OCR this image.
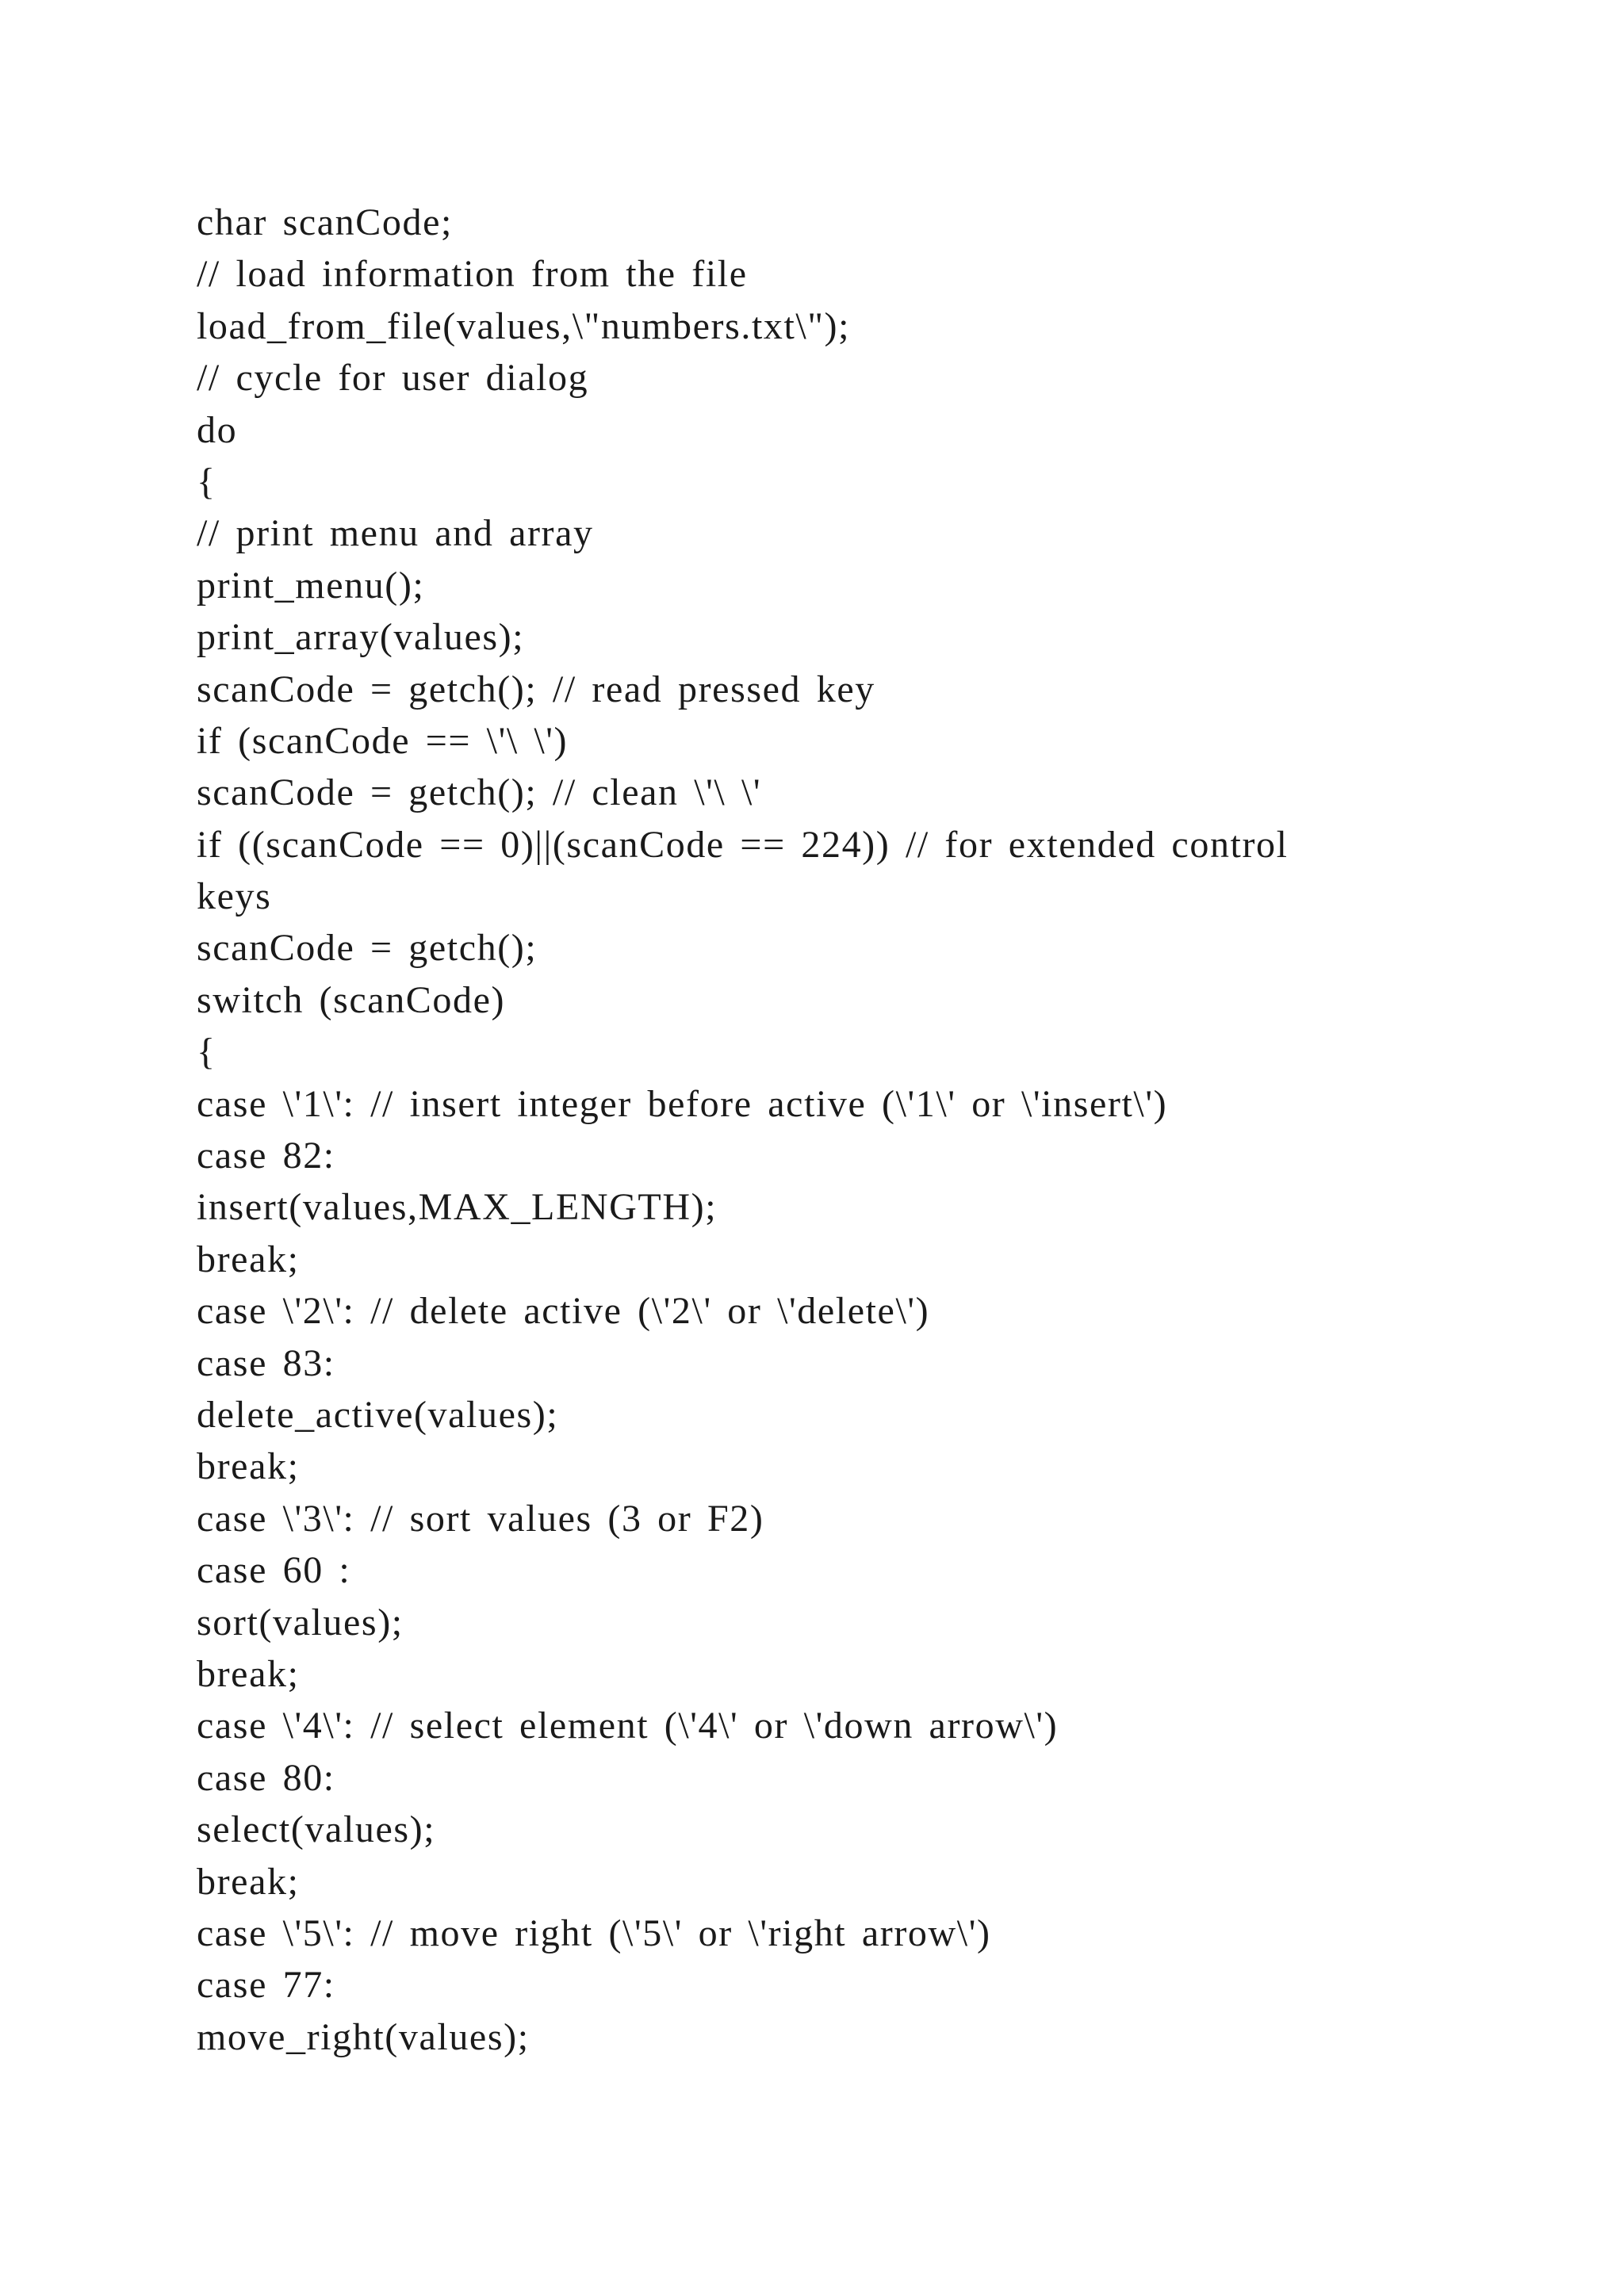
char scanCode;
// load information from the file
load_from_file(values,\"numbers.txt\");
// cycle for user dialog
do
{
// print menu and array
print_menu();
print_array(values);
scanCode = getch(); // read pressed key
if (scanCode == \'\ \')
scanCode = getch(); // clean \'\ \'
if ((scanCode == 0)||(scanCode == 224)) // for extended control
keys
scanCode = getch();
switch (scanCode)
{
case \'1\': // insert integer before active (\'1\' or \'insert\')
case 82:
insert(values,MAX_LENGTH);
break;
case \'2\': // delete active (\'2\' or \'delete\')
case 83:
delete_active(values);
break;
case \'3\': // sort values (3 or F2)
case 60 :
sort(values);
break;
case \'4\': // select element (\'4\' or \'down arrow\')
case 80:
select(values);
break;
case \'5\': // move right (\'5\' or \'right arrow\')
case 77:
move_right(values);
